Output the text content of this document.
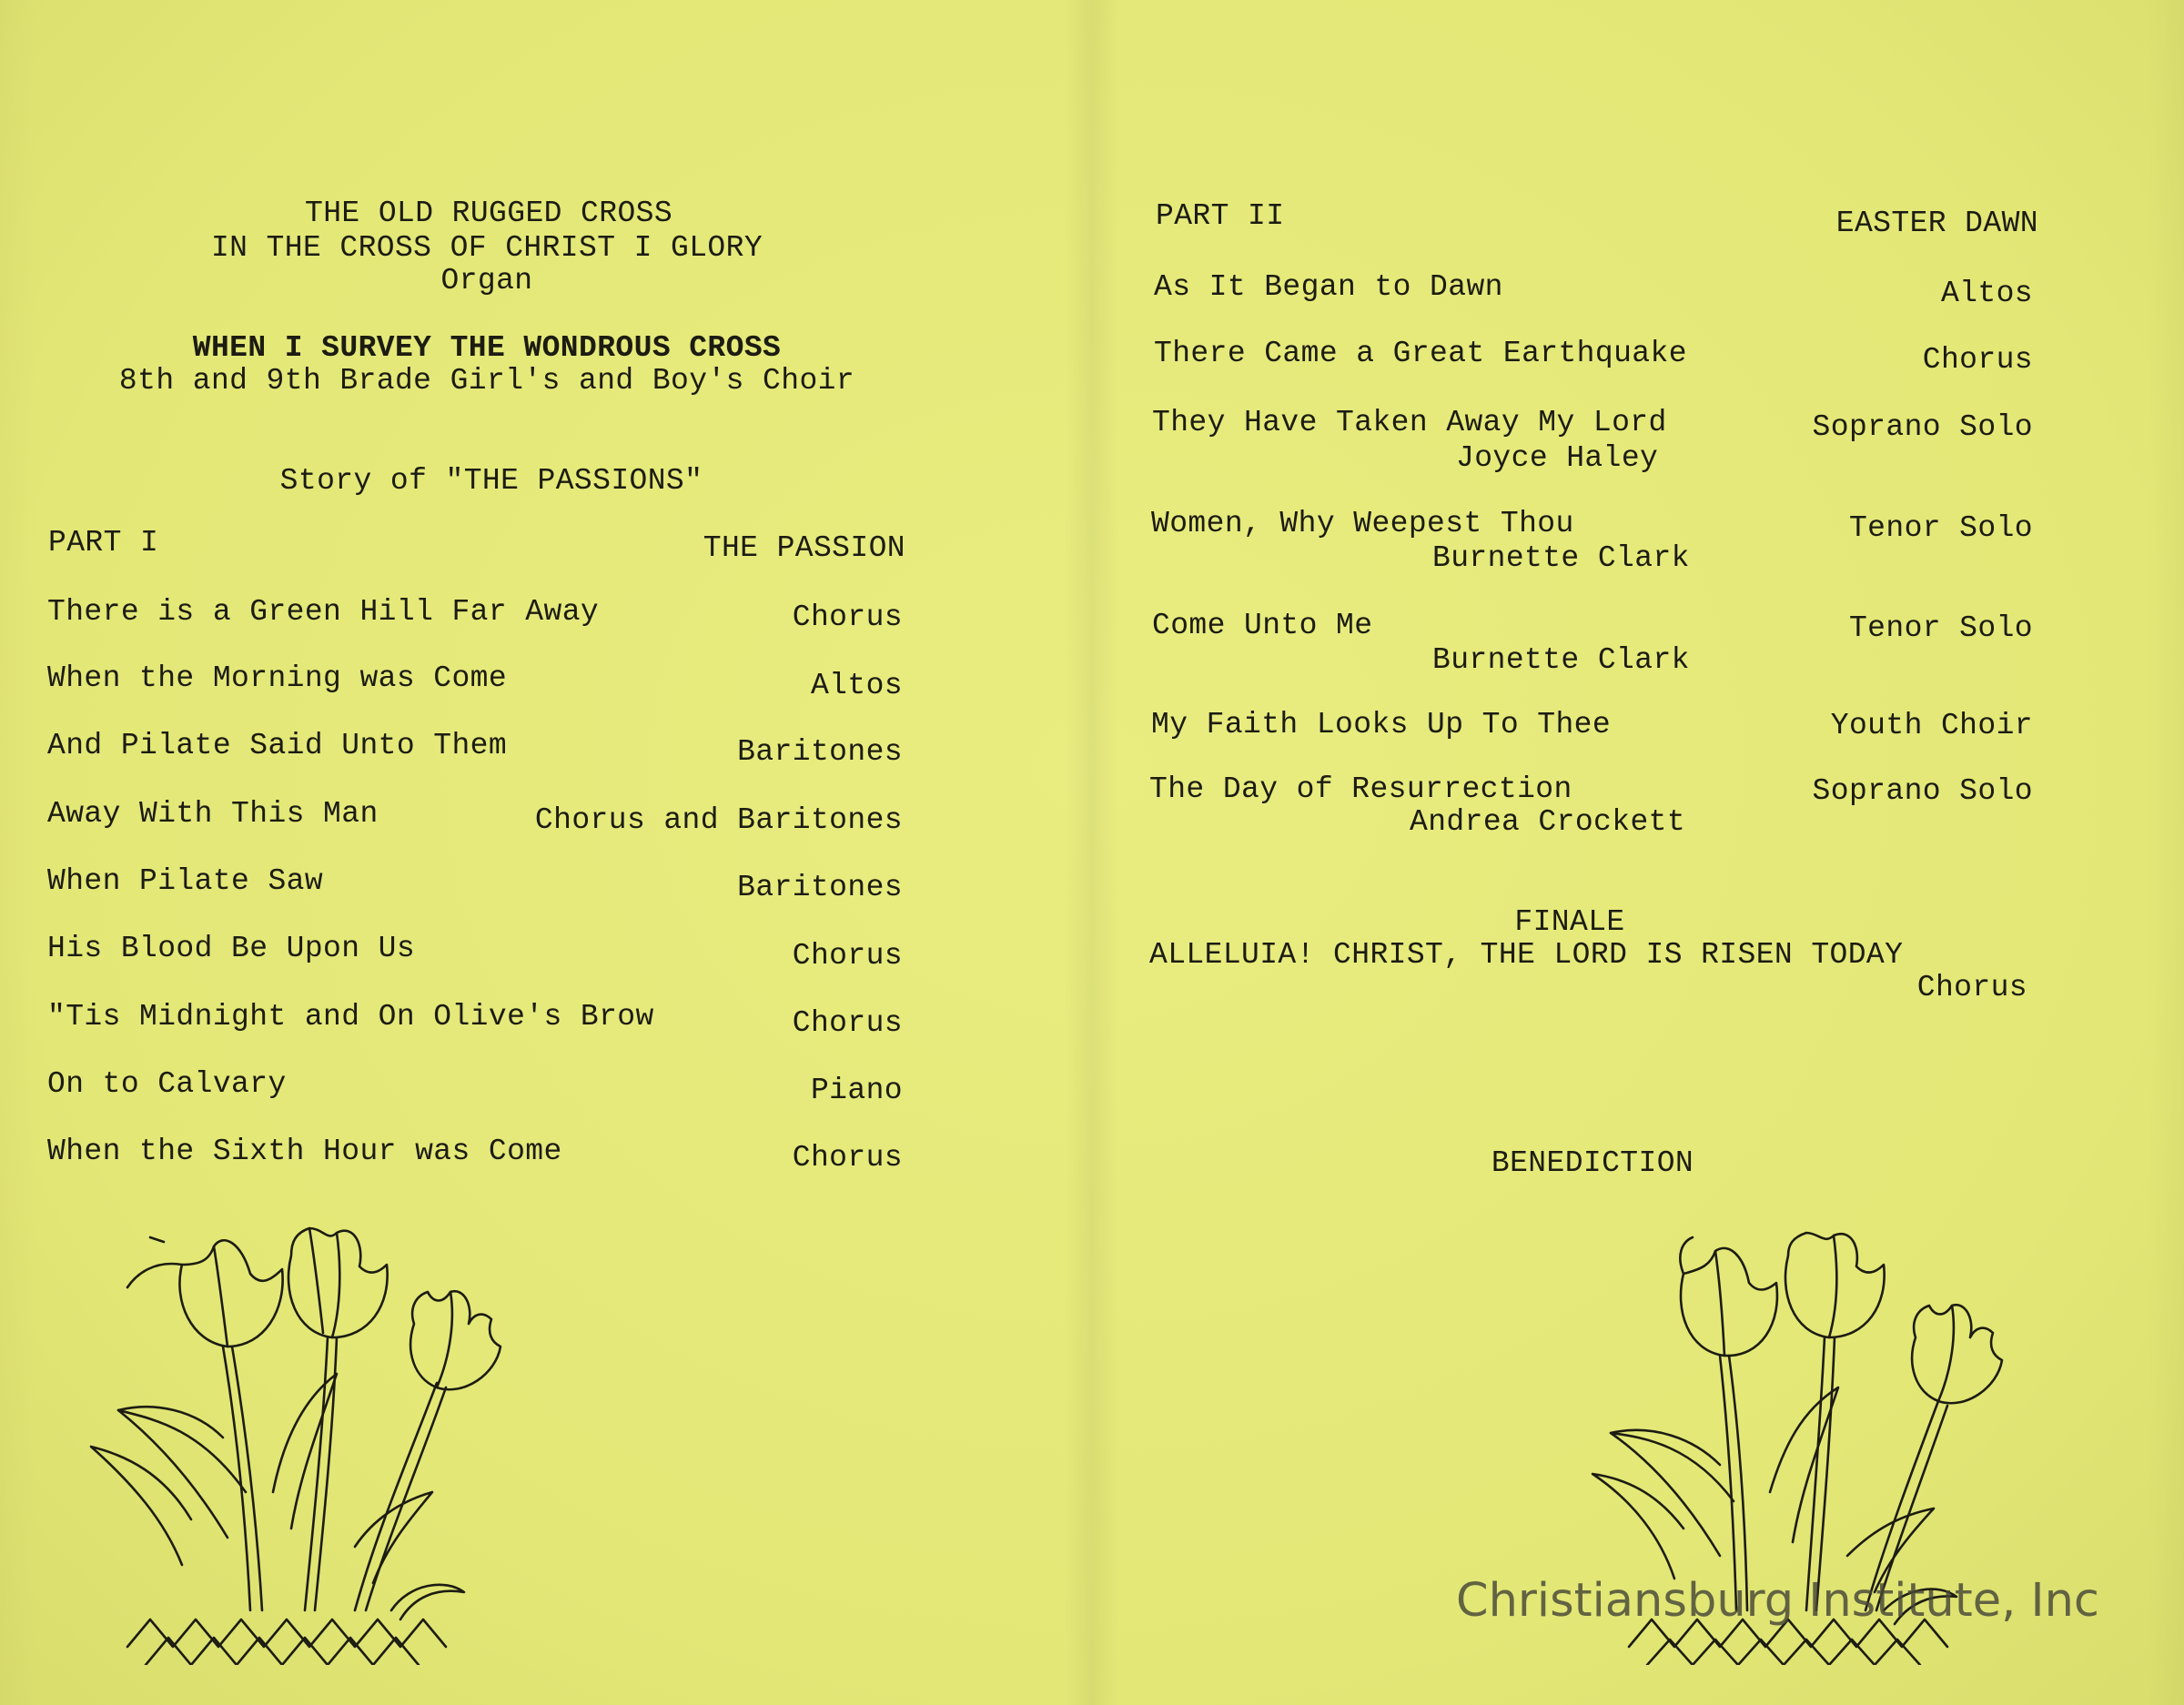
THE OLD RUGGED CROSS
IN THE CROSS OF CHRIST I GLORY
Organ
WHEN I SURVEY THE WONDROUS CROSS
8th and 9th Brade Girl's and Boy's Choir
Story of "THE PASSIONS"
PART I	THE PASSION
There is a Green Hill Far Away	Chorus
When the Morning was Come	Altos
And Pilate Said Unto Them	Baritones
Away With This Man	Chorus and Baritones
When Pilate Saw	Baritones
His Blood Be Upon Us	Chorus
"Tis Midnight and On Olive's Brow	Chorus
On to Calvary	Piano
When the Sixth Hour was Come	Chorus
PART II	EASTER DAWN
As It Began to Dawn	Altos
There Came a Great Earthquake	Chorus
They Have Taken Away My Lord	Soprano Solo
Joyce Haley
Women, Why Weepest Thou	Tenor Solo
Burnette Clark
Come Unto Me	Tenor Solo
Burnette Clark
My Faith Looks Up To Thee	Youth Choir
The Day of Resurrection	Soprano Solo
Andrea Crockett
FINALE
ALLELUIA! CHRIST, THE LORD IS RISEN TODAY
Chorus
BENEDICTION
Christiansburg Institute, Inc
